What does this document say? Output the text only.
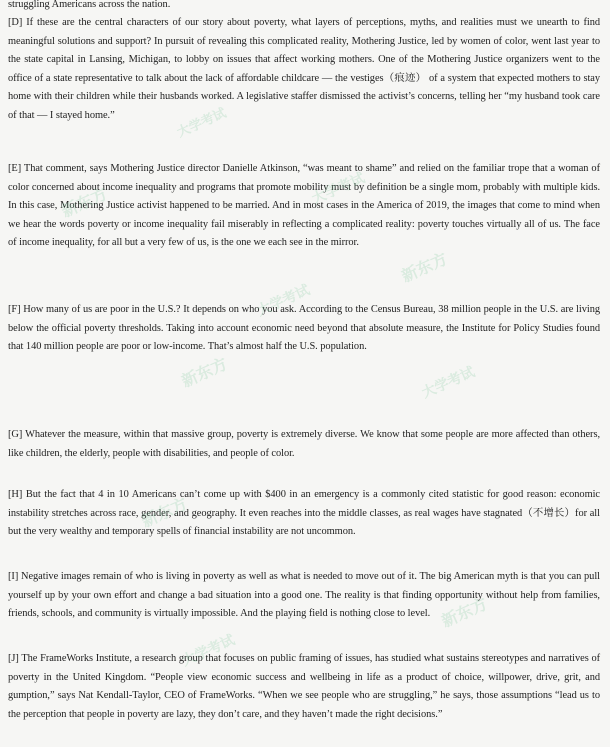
struggling Americans across the nation.

[D] If these are the central characters of our story about poverty, what layers of perceptions, myths, and realities must we unearth to find meaningful solutions and support? In pursuit of revealing this complicated reality, Mothering Justice, led by women of color, went last year to the state capital in Lansing, Michigan, to lobby on issues that affect working mothers. One of the Mothering Justice organizers went to the office of a state representative to talk about the lack of affordable childcare — the vestiges（痕迹） of a system that expected mothers to stay home with their children while their husbands worked. A legislative staffer dismissed the activist’s concerns, telling her “my husband took care of that — I stayed home.”

[E] That comment, says Mothering Justice director Danielle Atkinson, “was meant to shame” and relied on the familiar trope that a woman of color concerned about income inequality and programs that promote mobility must by definition be a single mom, probably with multiple kids. In this case, Mothering Justice activist happened to be married. And in most cases in the America of 2019, the images that come to mind when we hear the words poverty or income inequality fail miserably in reflecting a complicated reality: poverty touches virtually all of us. The face of income inequality, for all but a very few of us, is the one we each see in the mirror.

[F] How many of us are poor in the U.S.? It depends on who you ask. According to the Census Bureau, 38 million people in the U.S. are living below the official poverty thresholds. Taking into account economic need beyond that absolute measure, the Institute for Policy Studies found that 140 million people are poor or low-income. That’s almost half the U.S. population.

[G] Whatever the measure, within that massive group, poverty is extremely diverse. We know that some people are more affected than others, like children, the elderly, people with disabilities, and people of color.

[H] But the fact that 4 in 10 Americans can’t come up with $400 in an emergency is a commonly cited statistic for good reason: economic instability stretches across race, gender, and geography. It even reaches into the middle classes, as real wages have stagnated（不增长）for all but the very wealthy and temporary spells of financial instability are not uncommon.

[I] Negative images remain of who is living in poverty as well as what is needed to move out of it. The big American myth is that you can pull yourself up by your own effort and change a bad situation into a good one. The reality is that finding opportunity without help from families, friends, schools, and community is virtually impossible. And the playing field is nothing close to level.

[J] The FrameWorks Institute, a research group that focuses on public framing of issues, has studied what sustains stereotypes and narratives of poverty in the United Kingdom. “People view economic success and wellbeing in life as a product of choice, willpower, drive, grit, and gumption,” says Nat Kendall-Taylor, CEO of FrameWorks. “When we see people who are struggling,” he says, those assumptions “lead us to the perception that people in poverty are lazy, they don’t care, and they haven’t made the right decisions.”

大学考试
新东方	大学考试
新东方
大学考试
新东方	大学考试
新东方
大学考试
新东方
